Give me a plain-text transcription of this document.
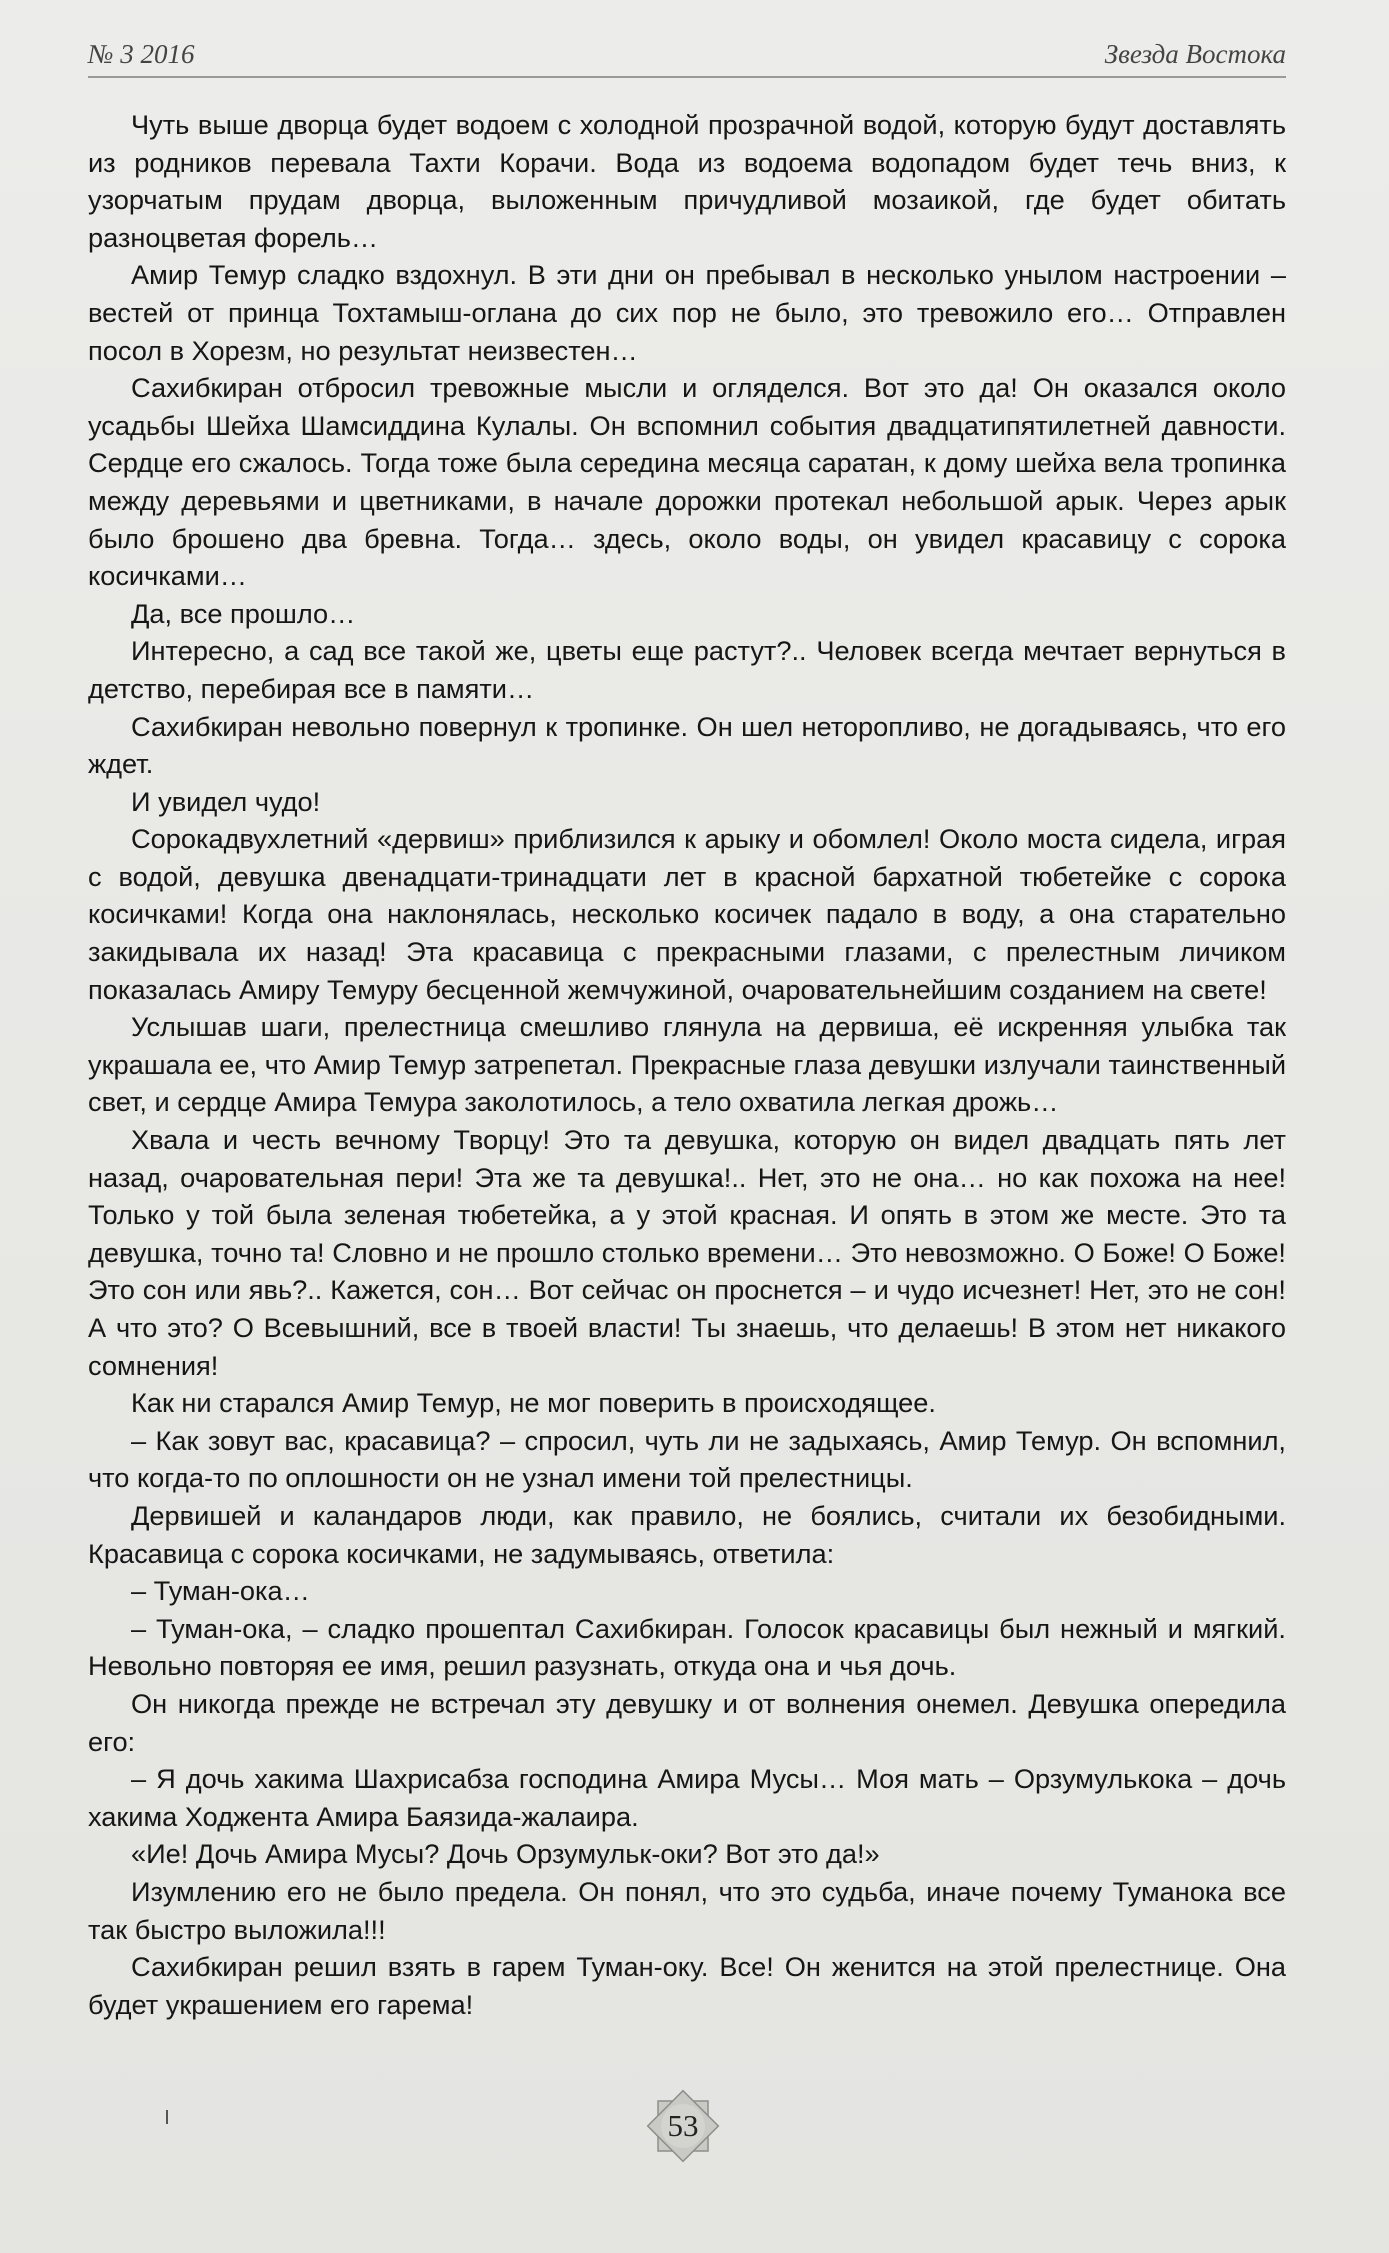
№ 3 2016	Звезда Востока

Чуть выше дворца будет водоем с холодной прозрачной водой, которую будут доставлять из родников перевала Тахти Корачи. Вода из водоема водопадом будет течь вниз, к узорчатым прудам дворца, выложенным причудливой мозаикой, где будет обитать разноцветая форель…

Амир Темур сладко вздохнул. В эти дни он пребывал в несколько унылом настроении – вестей от принца Тохтамыш-оглана до сих пор не было, это тревожило его… Отправлен посол в Хорезм, но результат неизвестен…

Сахибкиран отбросил тревожные мысли и огляделся. Вот это да! Он оказался около усадьбы Шейха Шамсиддина Кулалы. Он вспомнил события двадцатипятилетней давности. Сердце его сжалось. Тогда тоже была середина месяца саратан, к дому шейха вела тропинка между деревьями и цветниками, в начале дорожки протекал небольшой арык. Через арык было брошено два бревна. Тогда… здесь, около воды, он увидел красавицу с сорока косичками…

Да, все прошло…

Интересно, а сад все такой же, цветы еще растут?.. Человек всегда мечтает вернуться в детство, перебирая все в памяти…

Сахибкиран невольно повернул к тропинке. Он шел неторопливо, не догадываясь, что его ждет.

И увидел чудо!

Сорокадвухлетний «дервиш» приблизился к арыку и обомлел! Около моста сидела, играя с водой, девушка двенадцати-тринадцати лет в красной бархатной тюбетейке с сорока косичками! Когда она наклонялась, несколько косичек падало в воду, а она старательно закидывала их назад! Эта красавица с прекрасными глазами, с прелестным личиком показалась Амиру Темуру бесценной жемчужиной, очаровательнейшим созданием на свете!

Услышав шаги, прелестница смешливо глянула на дервиша, её искренняя улыбка так украшала ее, что Амир Темур затрепетал. Прекрасные глаза девушки излучали таинственный свет, и сердце Амира Темура заколотилось, а тело охватила легкая дрожь…

Хвала и честь вечному Творцу! Это та девушка, которую он видел двадцать пять лет назад, очаровательная пери! Эта же та девушка!.. Нет, это не она… но как похожа на нее! Только у той была зеленая тюбетейка, а у этой красная. И опять в этом же месте. Это та девушка, точно та! Словно и не прошло столько времени… Это невозможно. О Боже! О Боже! Это сон или явь?.. Кажется, сон… Вот сейчас он проснется – и чудо исчезнет! Нет, это не сон! А что это? О Всевышний, все в твоей власти! Ты знаешь, что делаешь! В этом нет никакого сомнения!

Как ни старался Амир Темур, не мог поверить в происходящее.

– Как зовут вас, красавица? – спросил, чуть ли не задыхаясь, Амир Темур. Он вспомнил, что когда-то по оплошности он не узнал имени той прелестницы.

Дервишей и каландаров люди, как правило, не боялись, считали их безобидными. Красавица с сорока косичками, не задумываясь, ответила:

– Туман-ока…

– Туман-ока, – сладко прошептал Сахибкиран. Голосок красавицы был нежный и мягкий. Невольно повторяя ее имя, решил разузнать, откуда она и чья дочь.

Он никогда прежде не встречал эту девушку и от волнения онемел. Девушка опередила его:

– Я дочь хакима Шахрисабза господина Амира Мусы… Моя мать – Орзумулькока – дочь хакима Ходжента Амира Баязида-жалаира.

«Ие! Дочь Амира Мусы? Дочь Орзумульк-оки? Вот это да!»

Изумлению его не было предела. Он понял, что это судьба, иначе почему Туманока все так быстро выложила!!!

Сахибкиран решил взять в гарем Туман-оку. Все! Он женится на этой прелестнице. Она будет украшением его гарема!

53
